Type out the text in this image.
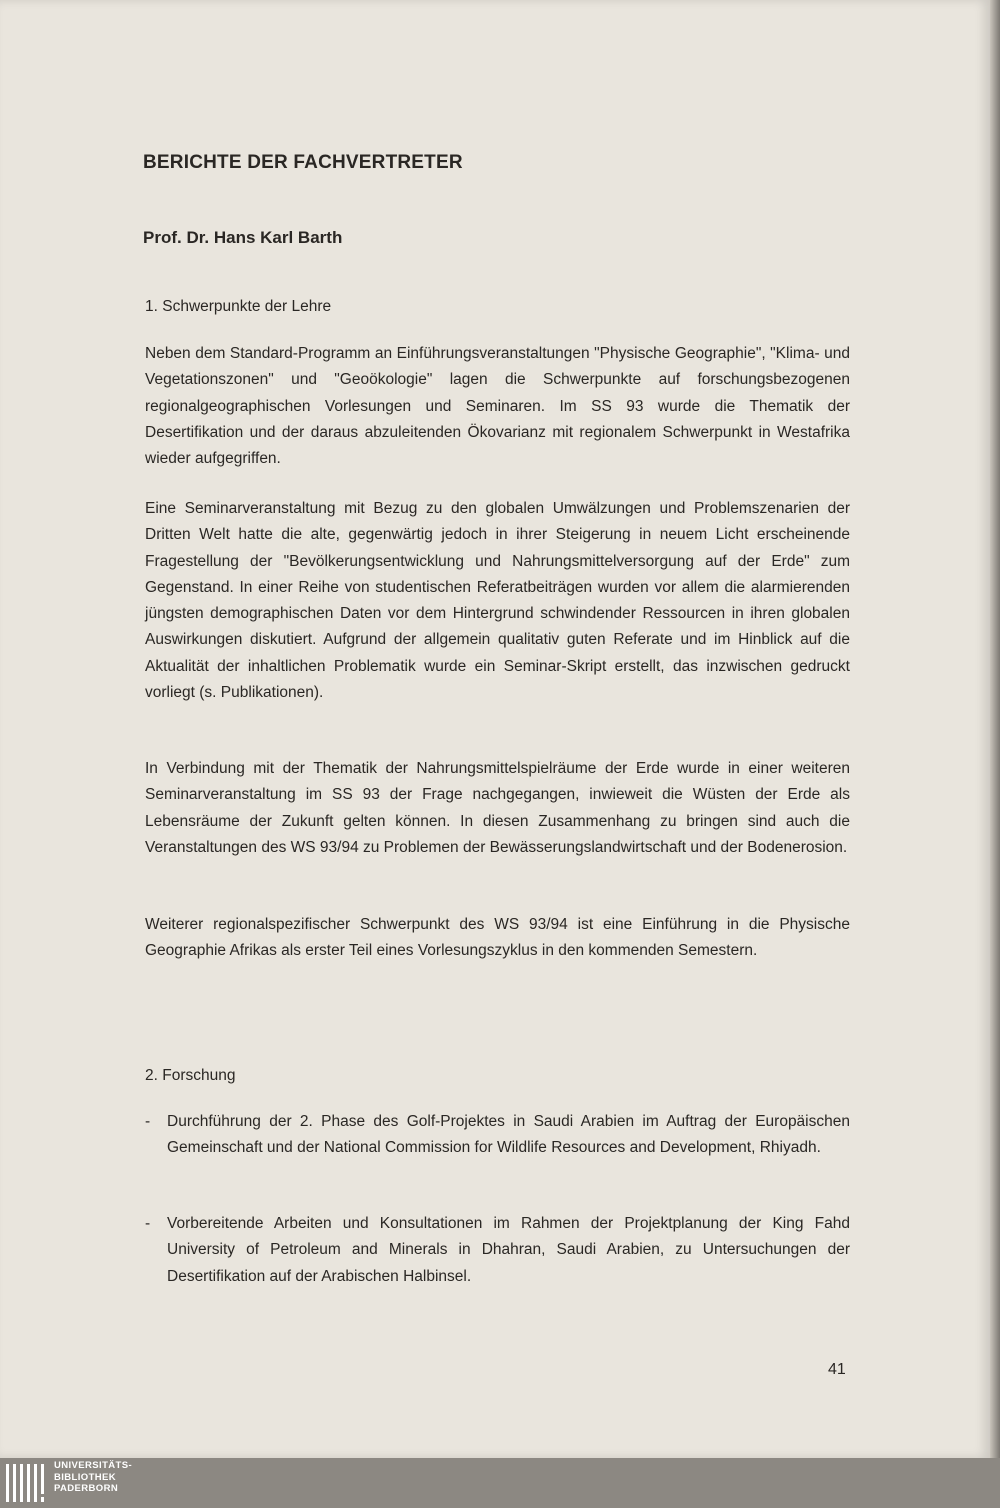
BERICHTE DER FACHVERTRETER
Prof. Dr. Hans Karl Barth
1. Schwerpunkte der Lehre
Neben dem Standard-Programm an Einführungsveranstaltungen "Physische Geographie", "Klima- und Vegetationszonen" und "Geoökologie" lagen die Schwerpunkte auf forschungsbezogenen regionalgeographischen Vorlesungen und Seminaren. Im SS 93 wurde die Thematik der Desertifikation und der daraus abzuleitenden Ökovarianz mit regionalem Schwerpunkt in Westafrika wieder aufgegriffen.
Eine Seminarveranstaltung mit Bezug zu den globalen Umwälzungen und Problemszenarien der Dritten Welt hatte die alte, gegenwärtig jedoch in ihrer Steigerung in neuem Licht erscheinende Fragestellung der "Bevölkerungsentwicklung und Nahrungsmittelversorgung auf der Erde" zum Gegenstand. In einer Reihe von studentischen Referatbeiträgen wurden vor allem die alarmierenden jüngsten demographischen Daten vor dem Hintergrund schwindender Ressourcen in ihren globalen Auswirkungen diskutiert. Aufgrund der allgemein qualitativ guten Referate und im Hinblick auf die Aktualität der inhaltlichen Problematik wurde ein Seminar-Skript erstellt, das inzwischen gedruckt vorliegt (s. Publikationen).
In Verbindung mit der Thematik der Nahrungsmittelspielräume der Erde wurde in einer weiteren Seminarveranstaltung im SS 93 der Frage nachgegangen, inwieweit die Wüsten der Erde als Lebensräume der Zukunft gelten können. In diesen Zusammenhang zu bringen sind auch die Veranstaltungen des WS 93/94 zu Problemen der Bewässerungslandwirtschaft und der Bodenerosion.
Weiterer regionalspezifischer Schwerpunkt des WS 93/94 ist eine Einführung in die Physische Geographie Afrikas als erster Teil eines Vorlesungszyklus in den kommenden Semestern.
2. Forschung
- Durchführung der 2. Phase des Golf-Projektes in Saudi Arabien im Auftrag der Europäischen Gemeinschaft und der National Commission for Wildlife Resources and Development, Rhiyadh.
- Vorbereitende Arbeiten und Konsultationen im Rahmen der Projektplanung der King Fahd University of Petroleum and Minerals in Dhahran, Saudi Arabien, zu Untersuchungen der Desertifikation auf der Arabischen Halbinsel.
41
UNIVERSITÄTS-
BIBLIOTHEK
PADERBORN
